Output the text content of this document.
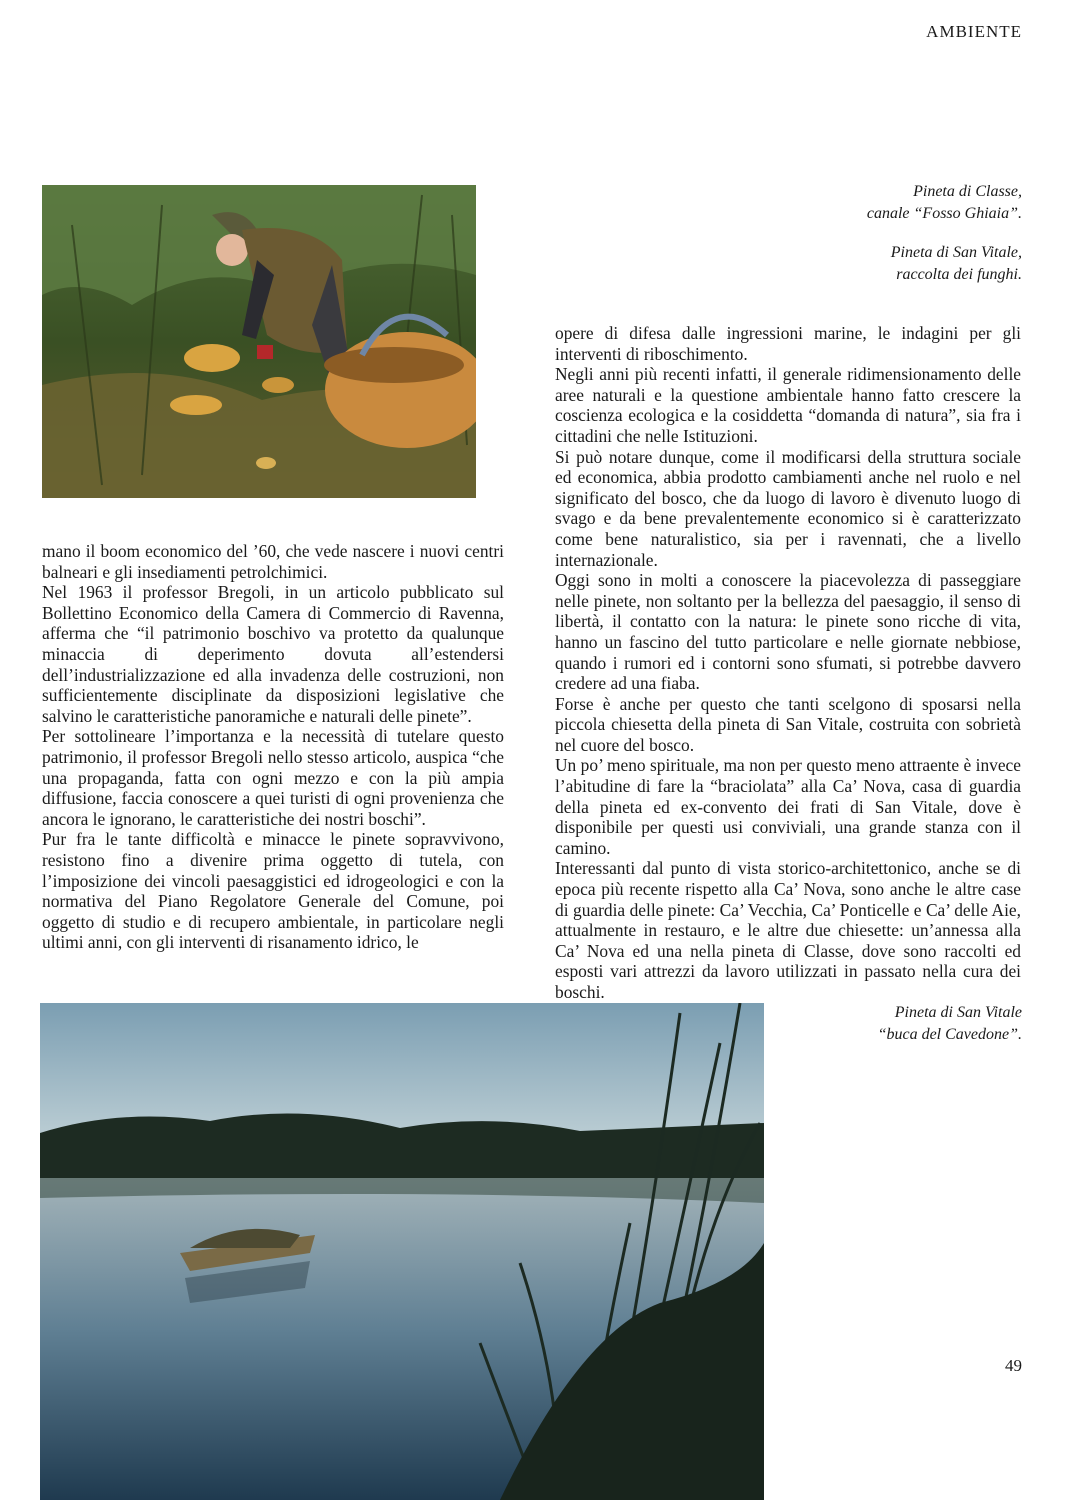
AMBIENTE

Pineta di Classe,

canale “Fosso Ghiaia”.

Pineta di San Vitale,

raccolta dei funghi.

mano il boom economico del ’60, che vede nascere i nuovi centri balneari e gli insediamenti petrolchimici.

Nel 1963 il professor Bregoli, in un articolo pubblicato sul Bollettino Economico della Camera di Commercio di Ravenna, afferma che “il patrimonio boschivo va protetto da qualunque minaccia di deperimento dovuta all’estendersi dell’industrializzazione ed alla invadenza delle costruzioni, non sufficientemente disciplinate da disposizioni legislative che salvino le caratteristiche panoramiche e naturali delle pinete”.

Per sottolineare l’importanza e la necessità di tutelare questo patrimonio, il professor Bregoli nello stesso articolo, auspica “che una propaganda, fatta con ogni mezzo e con la più ampia diffusione, faccia conoscere a quei turisti di ogni provenienza che ancora le ignorano, le caratteristiche dei nostri boschi”.

Pur fra le tante difficoltà e minacce le pinete sopravvivono, resistono fino a divenire prima oggetto di tutela, con l’imposizione dei vincoli paesaggistici ed idrogeologici e con la normativa del Piano Regolatore Generale del Comune, poi oggetto di studio e di recupero ambientale, in particolare negli ultimi anni, con gli interventi di risanamento idrico, le

opere di difesa dalle ingressioni marine, le indagini per gli interventi di riboschimento.

Negli anni più recenti infatti, il generale ridimensionamento delle aree naturali e la questione ambientale hanno fatto crescere la coscienza ecologica e la cosiddetta “domanda di natura”, sia fra i cittadini che nelle Istituzioni.

Si può notare dunque, come il modificarsi della struttura sociale ed economica, abbia prodotto cambiamenti anche nel ruolo e nel significato del bosco, che da luogo di lavoro è divenuto luogo di svago e da bene prevalentemente economico si è caratterizzato come bene naturalistico, sia per i ravennati, che a livello internazionale.

Oggi sono in molti a conoscere la piacevolezza di passeggiare nelle pinete, non soltanto per la bellezza del paesaggio, il senso di libertà, il contatto con la natura: le pinete sono ricche di vita, hanno un fascino del tutto particolare e nelle giornate nebbiose, quando i rumori ed i contorni sono sfumati, si potrebbe davvero credere ad una fiaba.

Forse è anche per questo che tanti scelgono di sposarsi nella piccola chiesetta della pineta di San Vitale, costruita con sobrietà nel cuore del bosco.

Un po’ meno spirituale, ma non per questo meno attraente è invece l’abitudine di fare la “braciolata” alla Ca’ Nova, casa di guardia della pineta ed ex-convento dei frati di San Vitale, dove è disponibile per questi usi conviviali, una grande stanza con il camino.

Interessanti dal punto di vista storico-architettonico, anche se di epoca più recente rispetto alla Ca’ Nova, sono anche le altre case di guardia delle pinete: Ca’ Vecchia, Ca’ Ponticelle e Ca’ delle Aie, attualmente in restauro, e le altre due chiesette: un’annessa alla Ca’ Nova ed una nella pineta di Classe, dove sono raccolti ed esposti vari attrezzi da lavoro utilizzati in passato nella cura dei boschi.

Pineta di San Vitale

“buca del Cavedone”.

49
